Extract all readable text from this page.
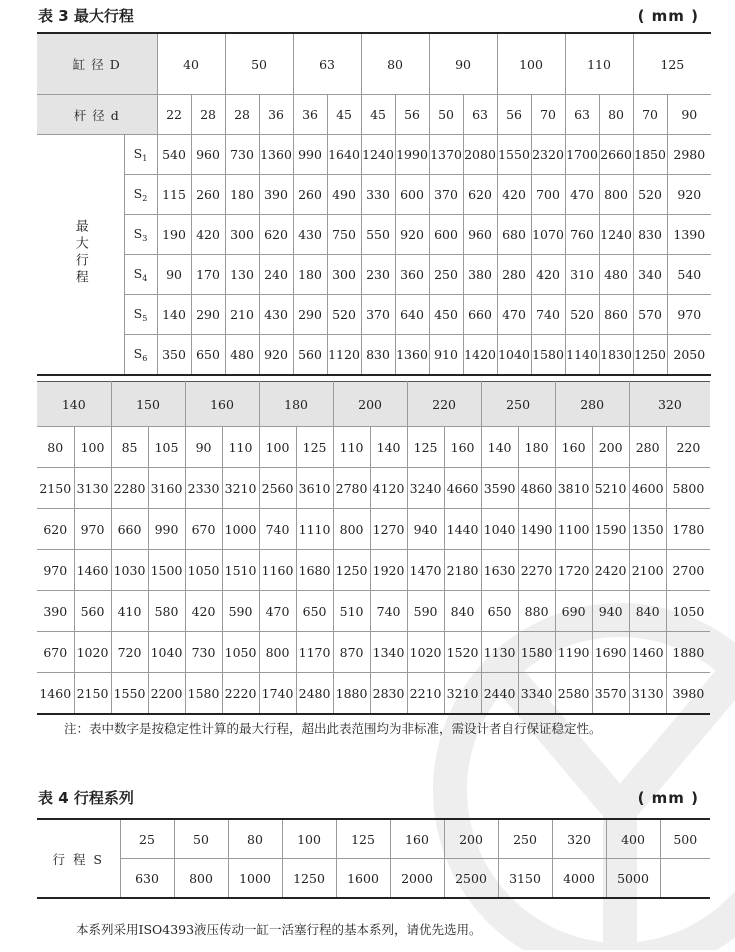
表 3 最大行程	( mm )
缸 径 D		40		50		63		80		90		100		110		125	
杆 径 d		22	28	28	36	36	45	45	56	50	63	56	70	63	80	70	90
最大行程	$S_1$	540	960	730	1360	990	1640	1240	1990	1370	2080	1550	2320	1700	2660	1850	2980
	$S_2$	115	260	180	390	260	490	330	600	370	620	420	700	470	800	520	920
	$S_3$	190	420	300	620	430	750	550	920	600	960	680	1070	760	1240	830	1390
	$S_4$	90	170	130	240	180	300	230	360	250	380	280	420	310	480	340	540
	$S_5$	140	290	210	430	290	520	370	640	450	660	470	740	520	860	570	970
	$S_6$	350	650	480	920	560	1120	830	1360	910	1420	1040	1580	1140	1830	1250	2050
140		150		160		180		200		220		250		280		320	
80	100	85	105	90	110	100	125	110	140	125	160	140	180	160	200	280	220
2150	3130	2280	3160	2330	3210	2560	3610	2780	4120	3240	4660	3590	4860	3810	5210	4600	5800
620	970	660	990	670	1000	740	1110	800	1270	940	1440	1040	1490	1100	1590	1350	1780
970	1460	1030	1500	1050	1510	1160	1680	1250	1920	1470	2180	1630	2270	1720	2420	2100	2700
390	560	410	580	420	590	470	650	510	740	590	840	650	880	690	940	840	1050
670	1020	720	1040	730	1050	800	1170	870	1340	1020	1520	1130	1580	1190	1690	1460	1880
1460	2150	1550	2200	1580	2220	1740	2480	1880	2830	2210	3210	2440	3340	2580	3570	3130	3980
注：表中数字是按稳定性计算的最大行程，超出此表范围均为非标准，需设计者自行保证稳定性。
表 4 行程系列	( mm )
行 程 S	25	50	80	100	125	160	200	250	320	400	500
	630	800	1000	1250	1600	2000	2500	3150	4000	5000	
本系列采用ISO4393液压传动一缸一活塞行程的基本系列，请优先选用。
